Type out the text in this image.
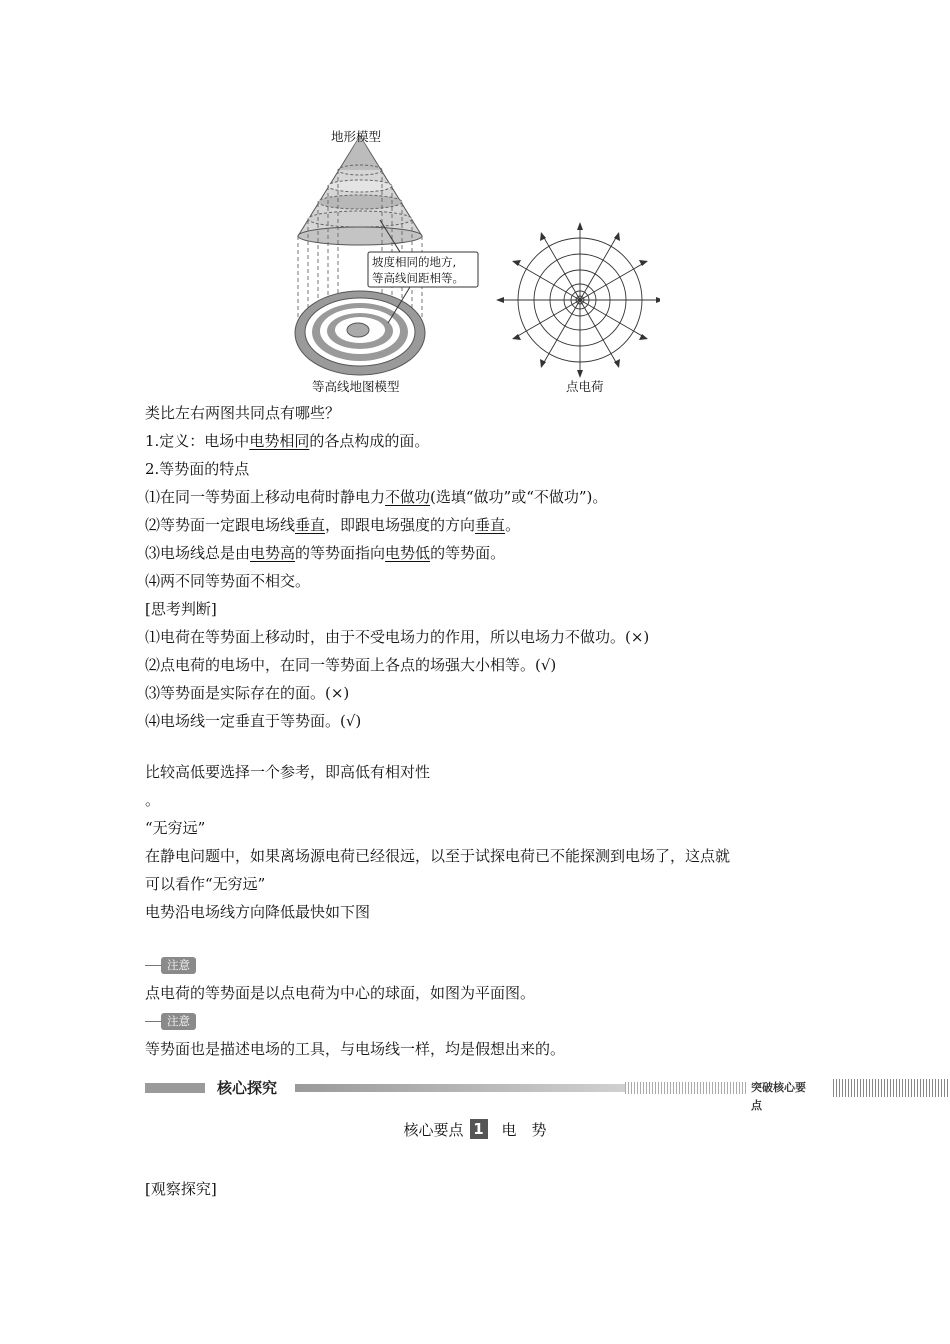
地形模型
坡度相同的地方,
等高线间距相等。
等高线地图模型	点电荷
类比左右两图共同点有哪些？
1.定义：电场中电势相同的各点构成的面。
2.等势面的特点
⑴在同一等势面上移动电荷时静电力不做功(选填“做功”或“不做功”)。
⑵等势面一定跟电场线垂直，即跟电场强度的方向垂直。
⑶电场线总是由电势高的等势面指向电势低的等势面。
⑷两不同等势面不相交。
[思考判断]
⑴电荷在等势面上移动时，由于不受电场力的作用，所以电场力不做功。(×)
⑵点电荷的电场中，在同一等势面上各点的场强大小相等。(√)
⑶等势面是实际存在的面。(×)
⑷电场线一定垂直于等势面。(√)
比较高低要选择一个参考，即高低有相对性
。
“无穷远”
在静电问题中，如果离场源电荷已经很远，以至于试探电荷已不能探测到电场了，这点就
可以看作“无穷远”
电势沿电场线方向降低最快如下图
注意
点电荷的等势面是以点电荷为中心的球面，如图为平面图。
注意
等势面也是描述电场的工具，与电场线一样，均是假想出来的。
核心探究	突破核心要点
核心要点 1 电　势
[观察探究]
